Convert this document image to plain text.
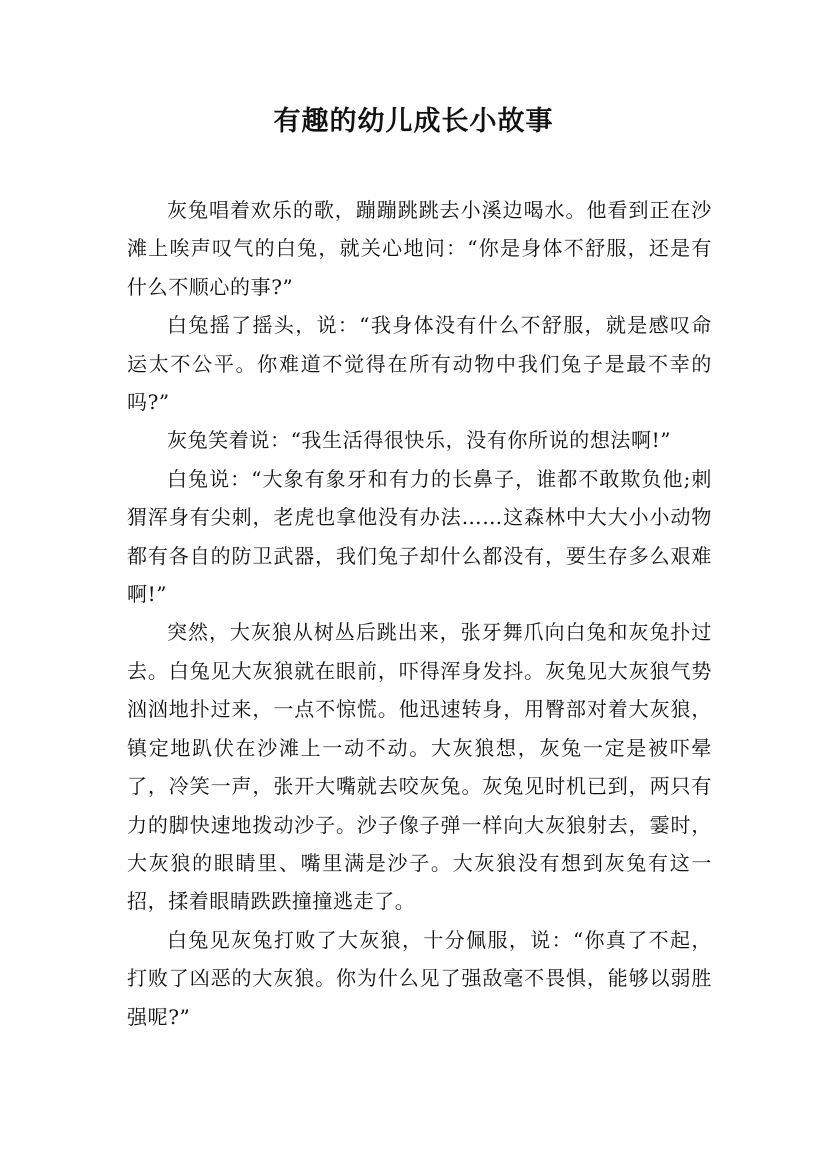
有趣的幼儿成长小故事

灰兔唱着欢乐的歌，蹦蹦跳跳去小溪边喝水。他看到正在沙滩上唉声叹气的白兔，就关心地问：“你是身体不舒服，还是有什么不顺心的事?”

白兔摇了摇头，说：“我身体没有什么不舒服，就是感叹命运太不公平。你难道不觉得在所有动物中我们兔子是最不幸的吗?”

灰兔笑着说：“我生活得很快乐，没有你所说的想法啊!”

白兔说：“大象有象牙和有力的长鼻子，谁都不敢欺负他;刺猬浑身有尖刺，老虎也拿他没有办法……这森林中大大小小动物都有各自的防卫武器，我们兔子却什么都没有，要生存多么艰难啊!”

突然，大灰狼从树丛后跳出来，张牙舞爪向白兔和灰兔扑过去。白兔见大灰狼就在眼前，吓得浑身发抖。灰兔见大灰狼气势汹汹地扑过来，一点不惊慌。他迅速转身，用臀部对着大灰狼，镇定地趴伏在沙滩上一动不动。大灰狼想，灰兔一定是被吓晕了，冷笑一声，张开大嘴就去咬灰兔。灰兔见时机已到，两只有力的脚快速地拨动沙子。沙子像子弹一样向大灰狼射去，霎时，大灰狼的眼睛里、嘴里满是沙子。大灰狼没有想到灰兔有这一招，揉着眼睛跌跌撞撞逃走了。

白兔见灰兔打败了大灰狼，十分佩服，说：“你真了不起，打败了凶恶的大灰狼。你为什么见了强敌毫不畏惧，能够以弱胜强呢?”
